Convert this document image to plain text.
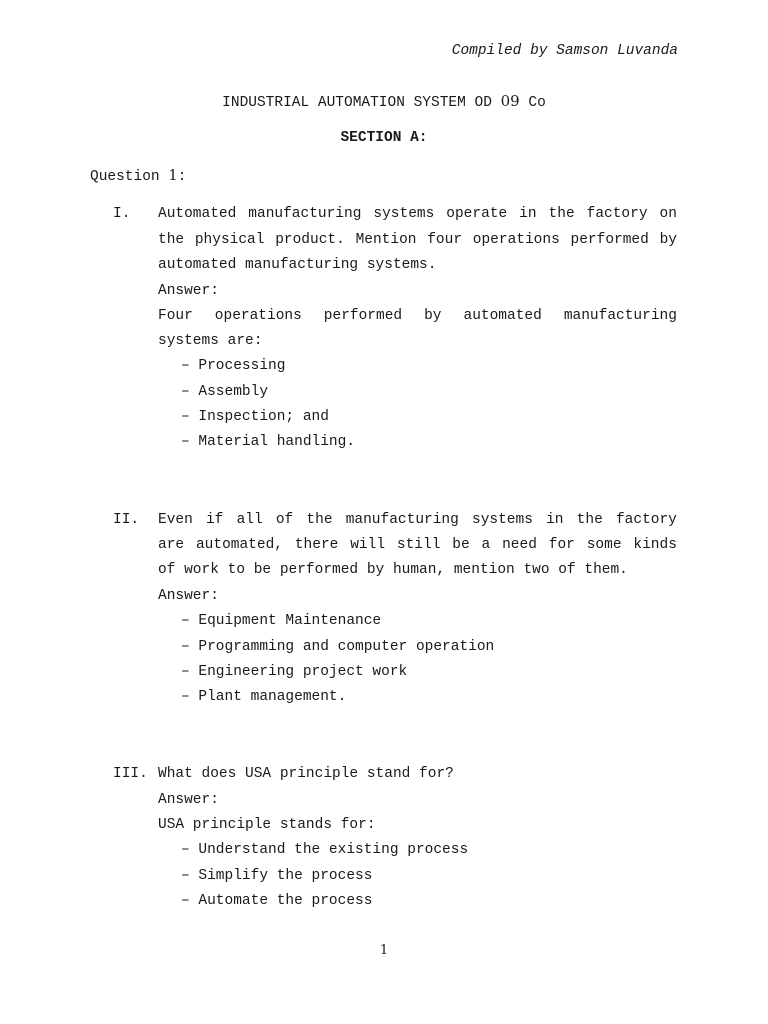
Compiled by Samson Luvanda
INDUSTRIAL AUTOMATION SYSTEM OD 09 Co
SECTION A:
Question 1:
I. Automated manufacturing systems operate in the factory on
the physical product. Mention four operations performed by
automated manufacturing systems.
Answer:
Four operations performed by automated manufacturing
systems are:
– Processing
– Assembly
– Inspection; and
– Material handling.
II. Even if all of the manufacturing systems in the factory
are automated, there will still be a need for some kinds
of work to be performed by human, mention two of them.
Answer:
– Equipment Maintenance
– Programming and computer operation
– Engineering project work
– Plant management.
III. What does USA principle stand for?
Answer:
USA principle stands for:
– Understand the existing process
– Simplify the process
– Automate the process
1
